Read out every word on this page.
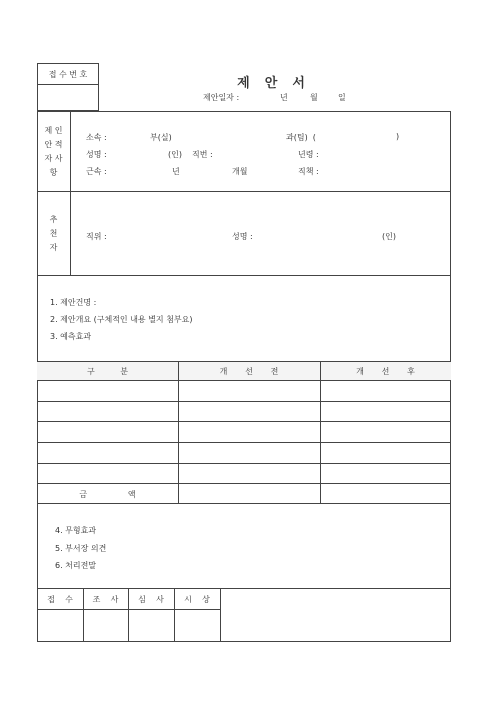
접 수 번 호
제  안  서
제안일자 :	년	월	일
제 인
안 적
자 사
항
소속 :	부(실)	과(팀)  (	)
성명 :	(인) 직번 :	년령 :
근속 :	년	개월	직책 :
추
천
자
직위 :	성명 :	(인)
1. 제안건명 :
2. 제안개요 (구체적인 내용 별지 첨부요)
3. 예측효과
구          분	개       선       전	개       선       후
금                액
4. 무형효과
5. 부서장 의견
6. 처리전말
접    수	조    사	심    사	시    상
